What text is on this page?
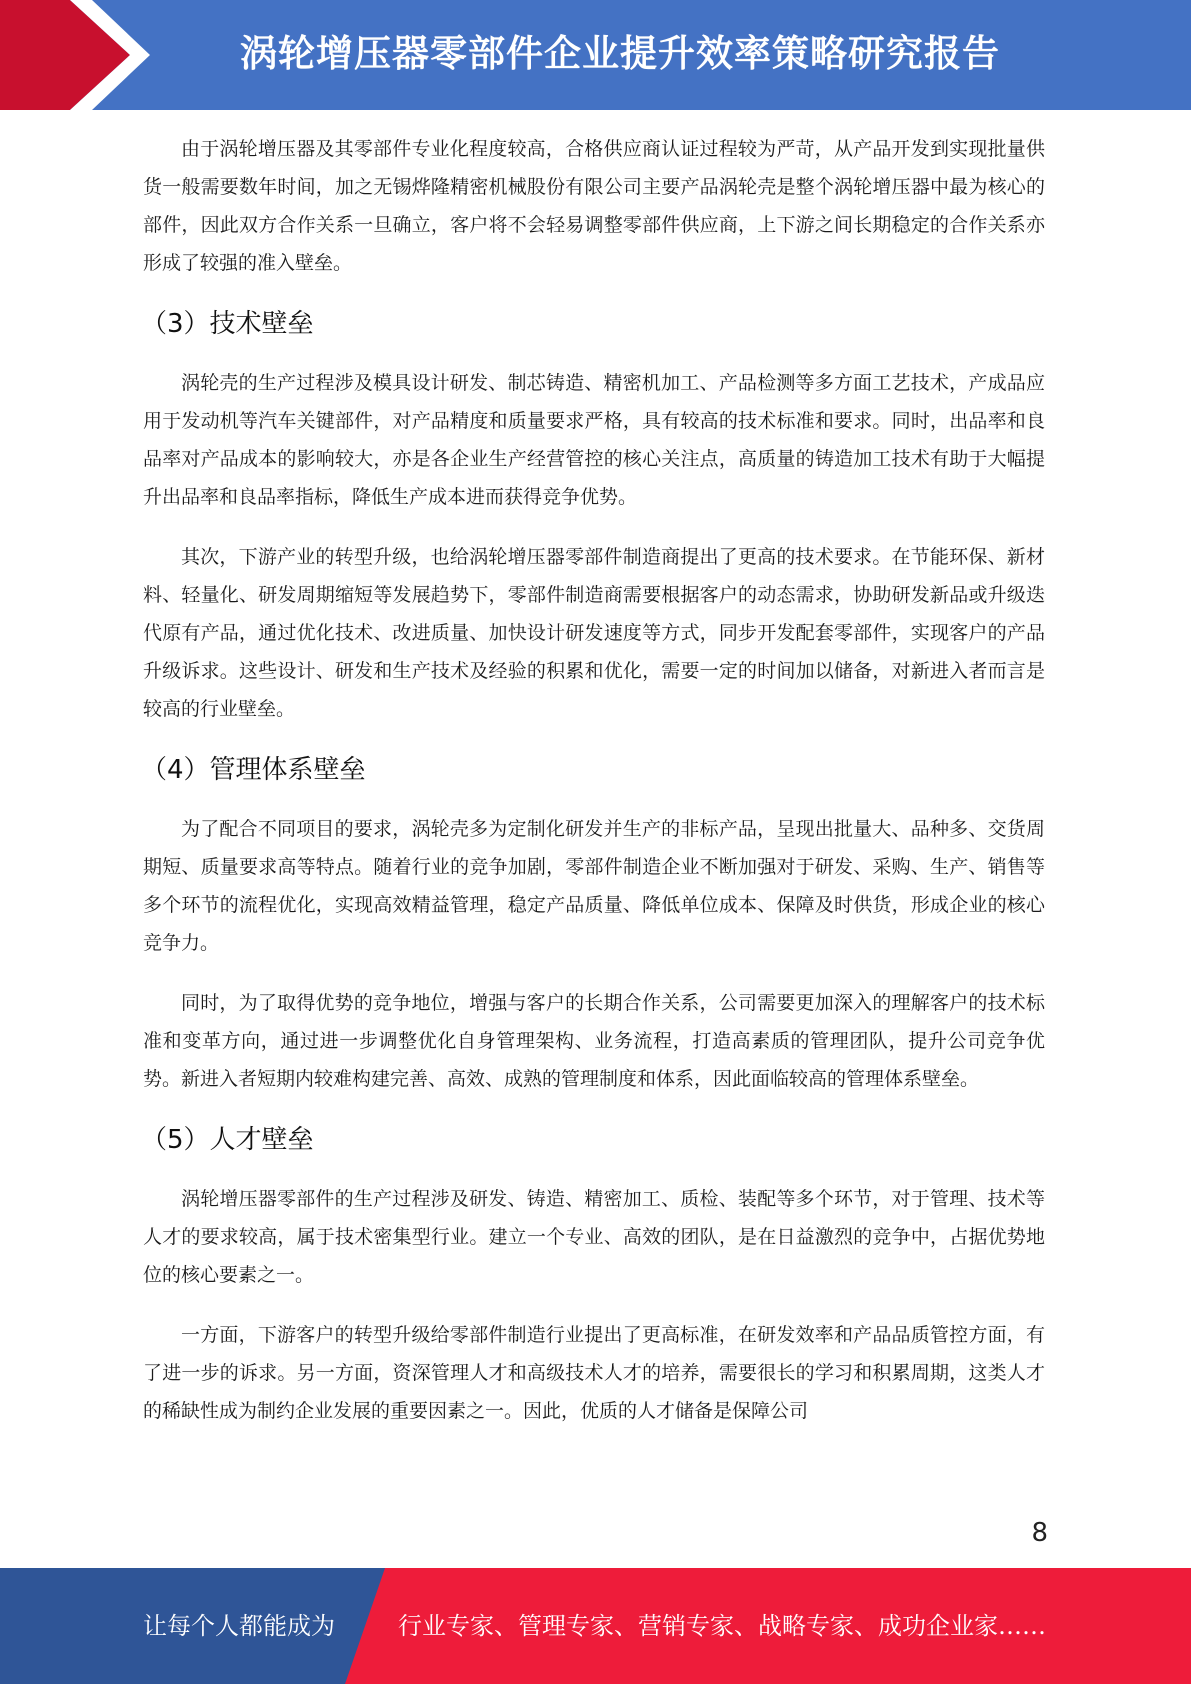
涡轮增压器零部件企业提升效率策略研究报告

由于涡轮增压器及其零部件专业化程度较高，合格供应商认证过程较为严苛，从产品开发到实现批量供货一般需要数年时间，加之无锡烨隆精密机械股份有限公司主要产品涡轮壳是整个涡轮增压器中最为核心的部件，因此双方合作关系一旦确立，客户将不会轻易调整零部件供应商，上下游之间长期稳定的合作关系亦形成了较强的准入壁垒。

（3）技术壁垒

涡轮壳的生产过程涉及模具设计研发、制芯铸造、精密机加工、产品检测等多方面工艺技术，产成品应用于发动机等汽车关键部件，对产品精度和质量要求严格，具有较高的技术标准和要求。同时，出品率和良品率对产品成本的影响较大，亦是各企业生产经营管控的核心关注点，高质量的铸造加工技术有助于大幅提升出品率和良品率指标，降低生产成本进而获得竞争优势。

其次，下游产业的转型升级，也给涡轮增压器零部件制造商提出了更高的技术要求。在节能环保、新材料、轻量化、研发周期缩短等发展趋势下，零部件制造商需要根据客户的动态需求，协助研发新品或升级迭代原有产品，通过优化技术、改进质量、加快设计研发速度等方式，同步开发配套零部件，实现客户的产品升级诉求。这些设计、研发和生产技术及经验的积累和优化，需要一定的时间加以储备，对新进入者而言是较高的行业壁垒。

（4）管理体系壁垒

为了配合不同项目的要求，涡轮壳多为定制化研发并生产的非标产品，呈现出批量大、品种多、交货周期短、质量要求高等特点。随着行业的竞争加剧，零部件制造企业不断加强对于研发、采购、生产、销售等多个环节的流程优化，实现高效精益管理，稳定产品质量、降低单位成本、保障及时供货，形成企业的核心竞争力。

同时，为了取得优势的竞争地位，增强与客户的长期合作关系，公司需要更加深入的理解客户的技术标准和变革方向，通过进一步调整优化自身管理架构、业务流程，打造高素质的管理团队，提升公司竞争优势。新进入者短期内较难构建完善、高效、成熟的管理制度和体系，因此面临较高的管理体系壁垒。

（5）人才壁垒

涡轮增压器零部件的生产过程涉及研发、铸造、精密加工、质检、装配等多个环节，对于管理、技术等人才的要求较高，属于技术密集型行业。建立一个专业、高效的团队，是在日益激烈的竞争中，占据优势地位的核心要素之一。

一方面，下游客户的转型升级给零部件制造行业提出了更高标准，在研发效率和产品品质管控方面，有了进一步的诉求。另一方面，资深管理人才和高级技术人才的培养，需要很长的学习和积累周期，这类人才的稀缺性成为制约企业发展的重要因素之一。因此，优质的人才储备是保障公司

8
让每个人都能成为	行业专家、管理专家、营销专家、战略专家、成功企业家……
